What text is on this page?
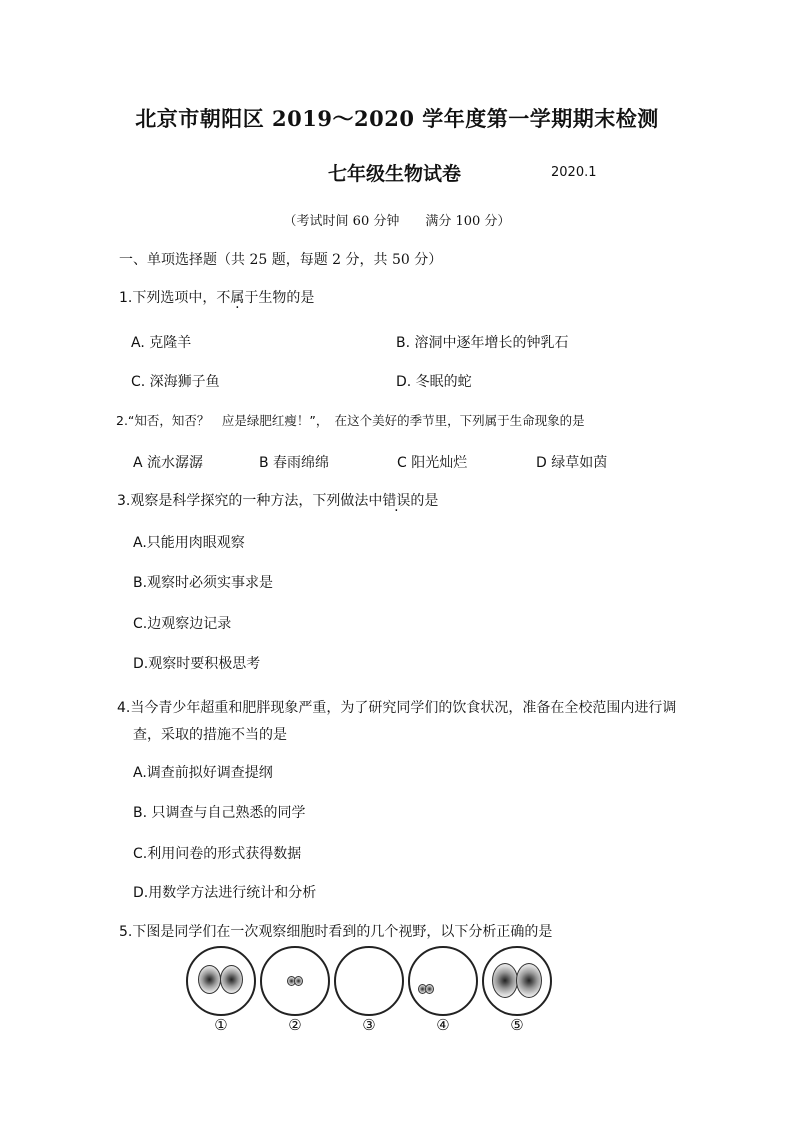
北京市朝阳区 2019～2020 学年度第一学期期末检测
七年级生物试卷	2020.1
（考试时间 60 分钟　　满分 100 分）
一、单项选择题（共 25 题，每题 2 分，共 50 分）
1.下列选项中，不属于生物的是
A. 克隆羊	B. 溶洞中逐年增长的钟乳石
C. 深海狮子鱼	D. 冬眠的蛇
2.“知否，知否？　应是绿肥红瘦！”，　在这个美好的季节里，下列属于生命现象的是
A 流水潺潺	B 春雨绵绵	C 阳光灿烂	D 绿草如茵
3.观察是科学探究的一种方法，下列做法中错误的是
A.只能用肉眼观察
B.观察时必须实事求是
C.边观察边记录
D.观察时要积极思考
4.当今青少年超重和肥胖现象严重，为了研究同学们的饮食状况，准备在全校范围内进行调
查，采取的措施不当的是
A.调查前拟好调查提纲
B. 只调查与自己熟悉的同学
C.利用问卷的形式获得数据
D.用数学方法进行统计和分析
5.下图是同学们在一次观察细胞时看到的几个视野，以下分析正确的是
①	②	③	④	⑤
